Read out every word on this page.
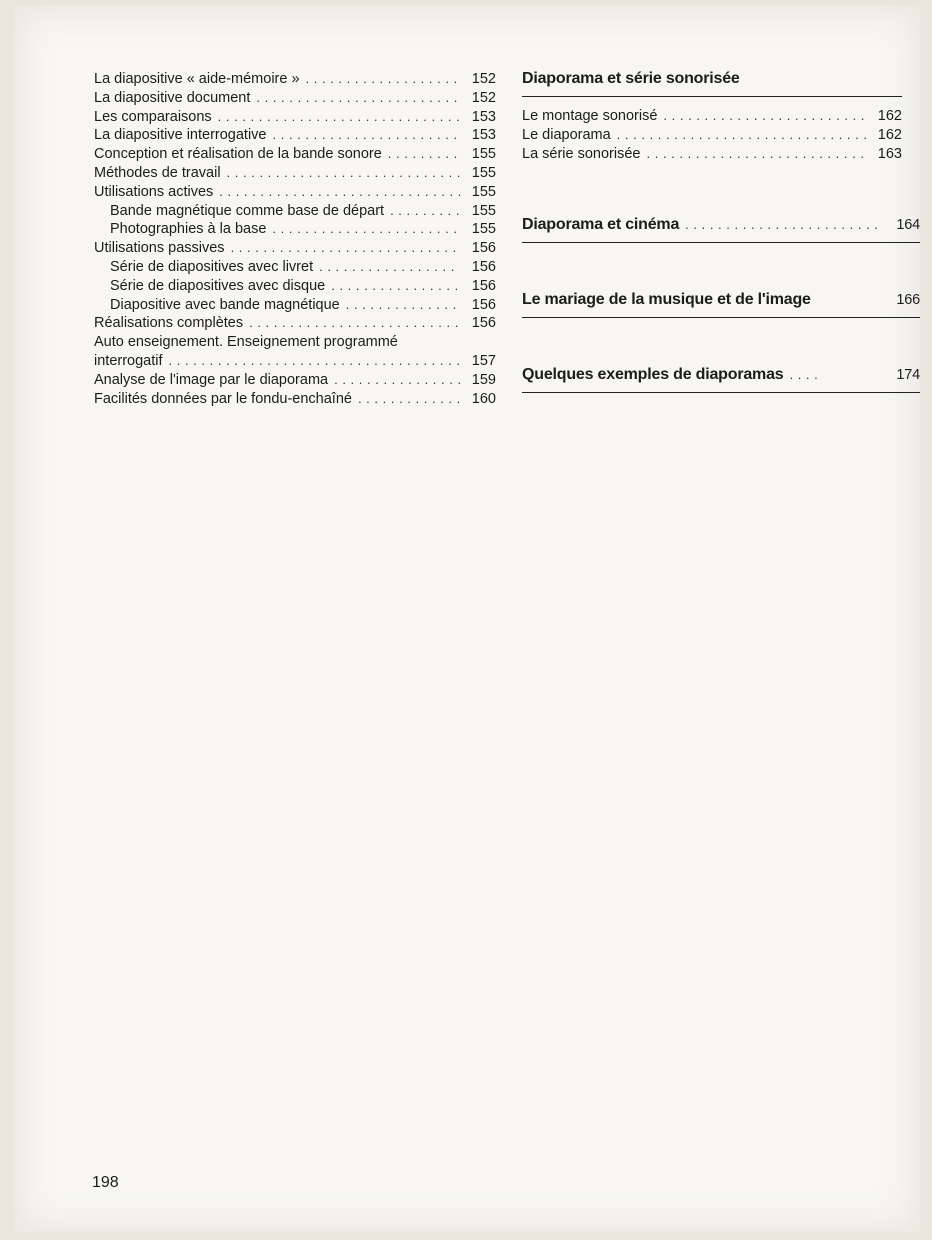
La diapositive « aide-mémoire » . . .	152
La diapositive document . . .	152
Les comparaisons . . .	153
La diapositive interrogative . . .	153
Conception et réalisation de la bande sonore . . .	155
Méthodes de travail . . .	155
Utilisations actives . . .	155
Bande magnétique comme base de départ . . .	155
Photographies à la base . . .	155
Utilisations passives . . .	156
Série de diapositives avec livret . . .	156
Série de diapositives avec disque . . .	156
Diapositive avec bande magnétique . . .	156
Réalisations complètes . . .	156
Auto enseignement. Enseignement programmé
interrogatif . . .	157
Analyse de l'image par le diaporama . . .	159
Facilités données par le fondu-enchaîné . . .	160
Diaporama et série sonorisée
Le montage sonorisé . . .	162
Le diaporama . . .	162
La série sonorisée . . .	163
Diaporama et cinéma . . .	164
Le mariage de la musique et de l'image	166
Quelques exemples de diaporamas . . .	174
198
